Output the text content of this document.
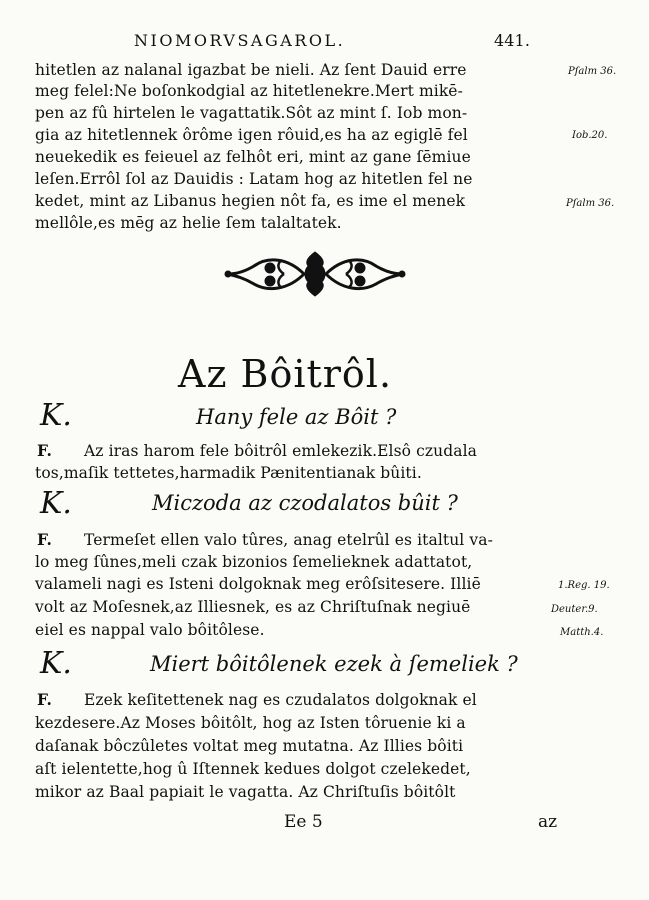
NIOMORVSAGAROL.	441.
hitetlen az nalanal igazbat be nieli. Az ſent Dauid erre
meg felel:Ne boſonkodgial az hitetlenekre.Mert mikē-
pen az fû hirtelen le vagattatik.Sôt az mint ſ. Iob mon-
gia az hitetlennek ôrôme igen rôuid,es ha az egiglē fel
neuekedik es feieuel az felhôt eri, mint az gane ſēmiue
leſen.Errôl ſol az Dauidis : Latam hog az hitetlen fel ne
kedet, mint az Libanus hegien nôt fa, es ime el menek
mellôle,es mēg az helie ſem talaltatek.
Pſalm 36.
Iob.20.
Pſalm 36.
Az Bôitrôl.
K.	Hany fele az Bôit ?
F. Az iras harom fele bôitrôl emlekezik.Elsô czudala
tos,maſik tettetes,harmadik Pænitentianak bûiti.
K.	Miczoda az czodalatos bûit ?
F. Termeſet ellen valo tûres, anag etelrûl es italtul va-
lo meg ſûnes,meli czak bizonios ſemelieknek adattatot,
valameli nagi es Isteni dolgoknak meg erôſsitesere. Illiē
volt az Moſesnek,az Illiesnek, es az Chriſtuſnak negiuē
eiel es nappal valo bôitôlese.
1.Reg. 19.
Deuter.9.
Matth.4.
K.	Miert bôitôlenek ezek à ſemeliek ?
F. Ezek keſitettenek nag es czudalatos dolgoknak el
kezdesere.Az Moses bôitôlt, hog az Isten tôruenie ki a
daſanak bôczûletes voltat meg mutatna. Az Illies bôiti
aſt ielentette,hog û Iſtennek kedues dolgot czelekedet,
mikor az Baal papiait le vagatta. Az Chriſtuſis bôitôlt
Ee 5	az
